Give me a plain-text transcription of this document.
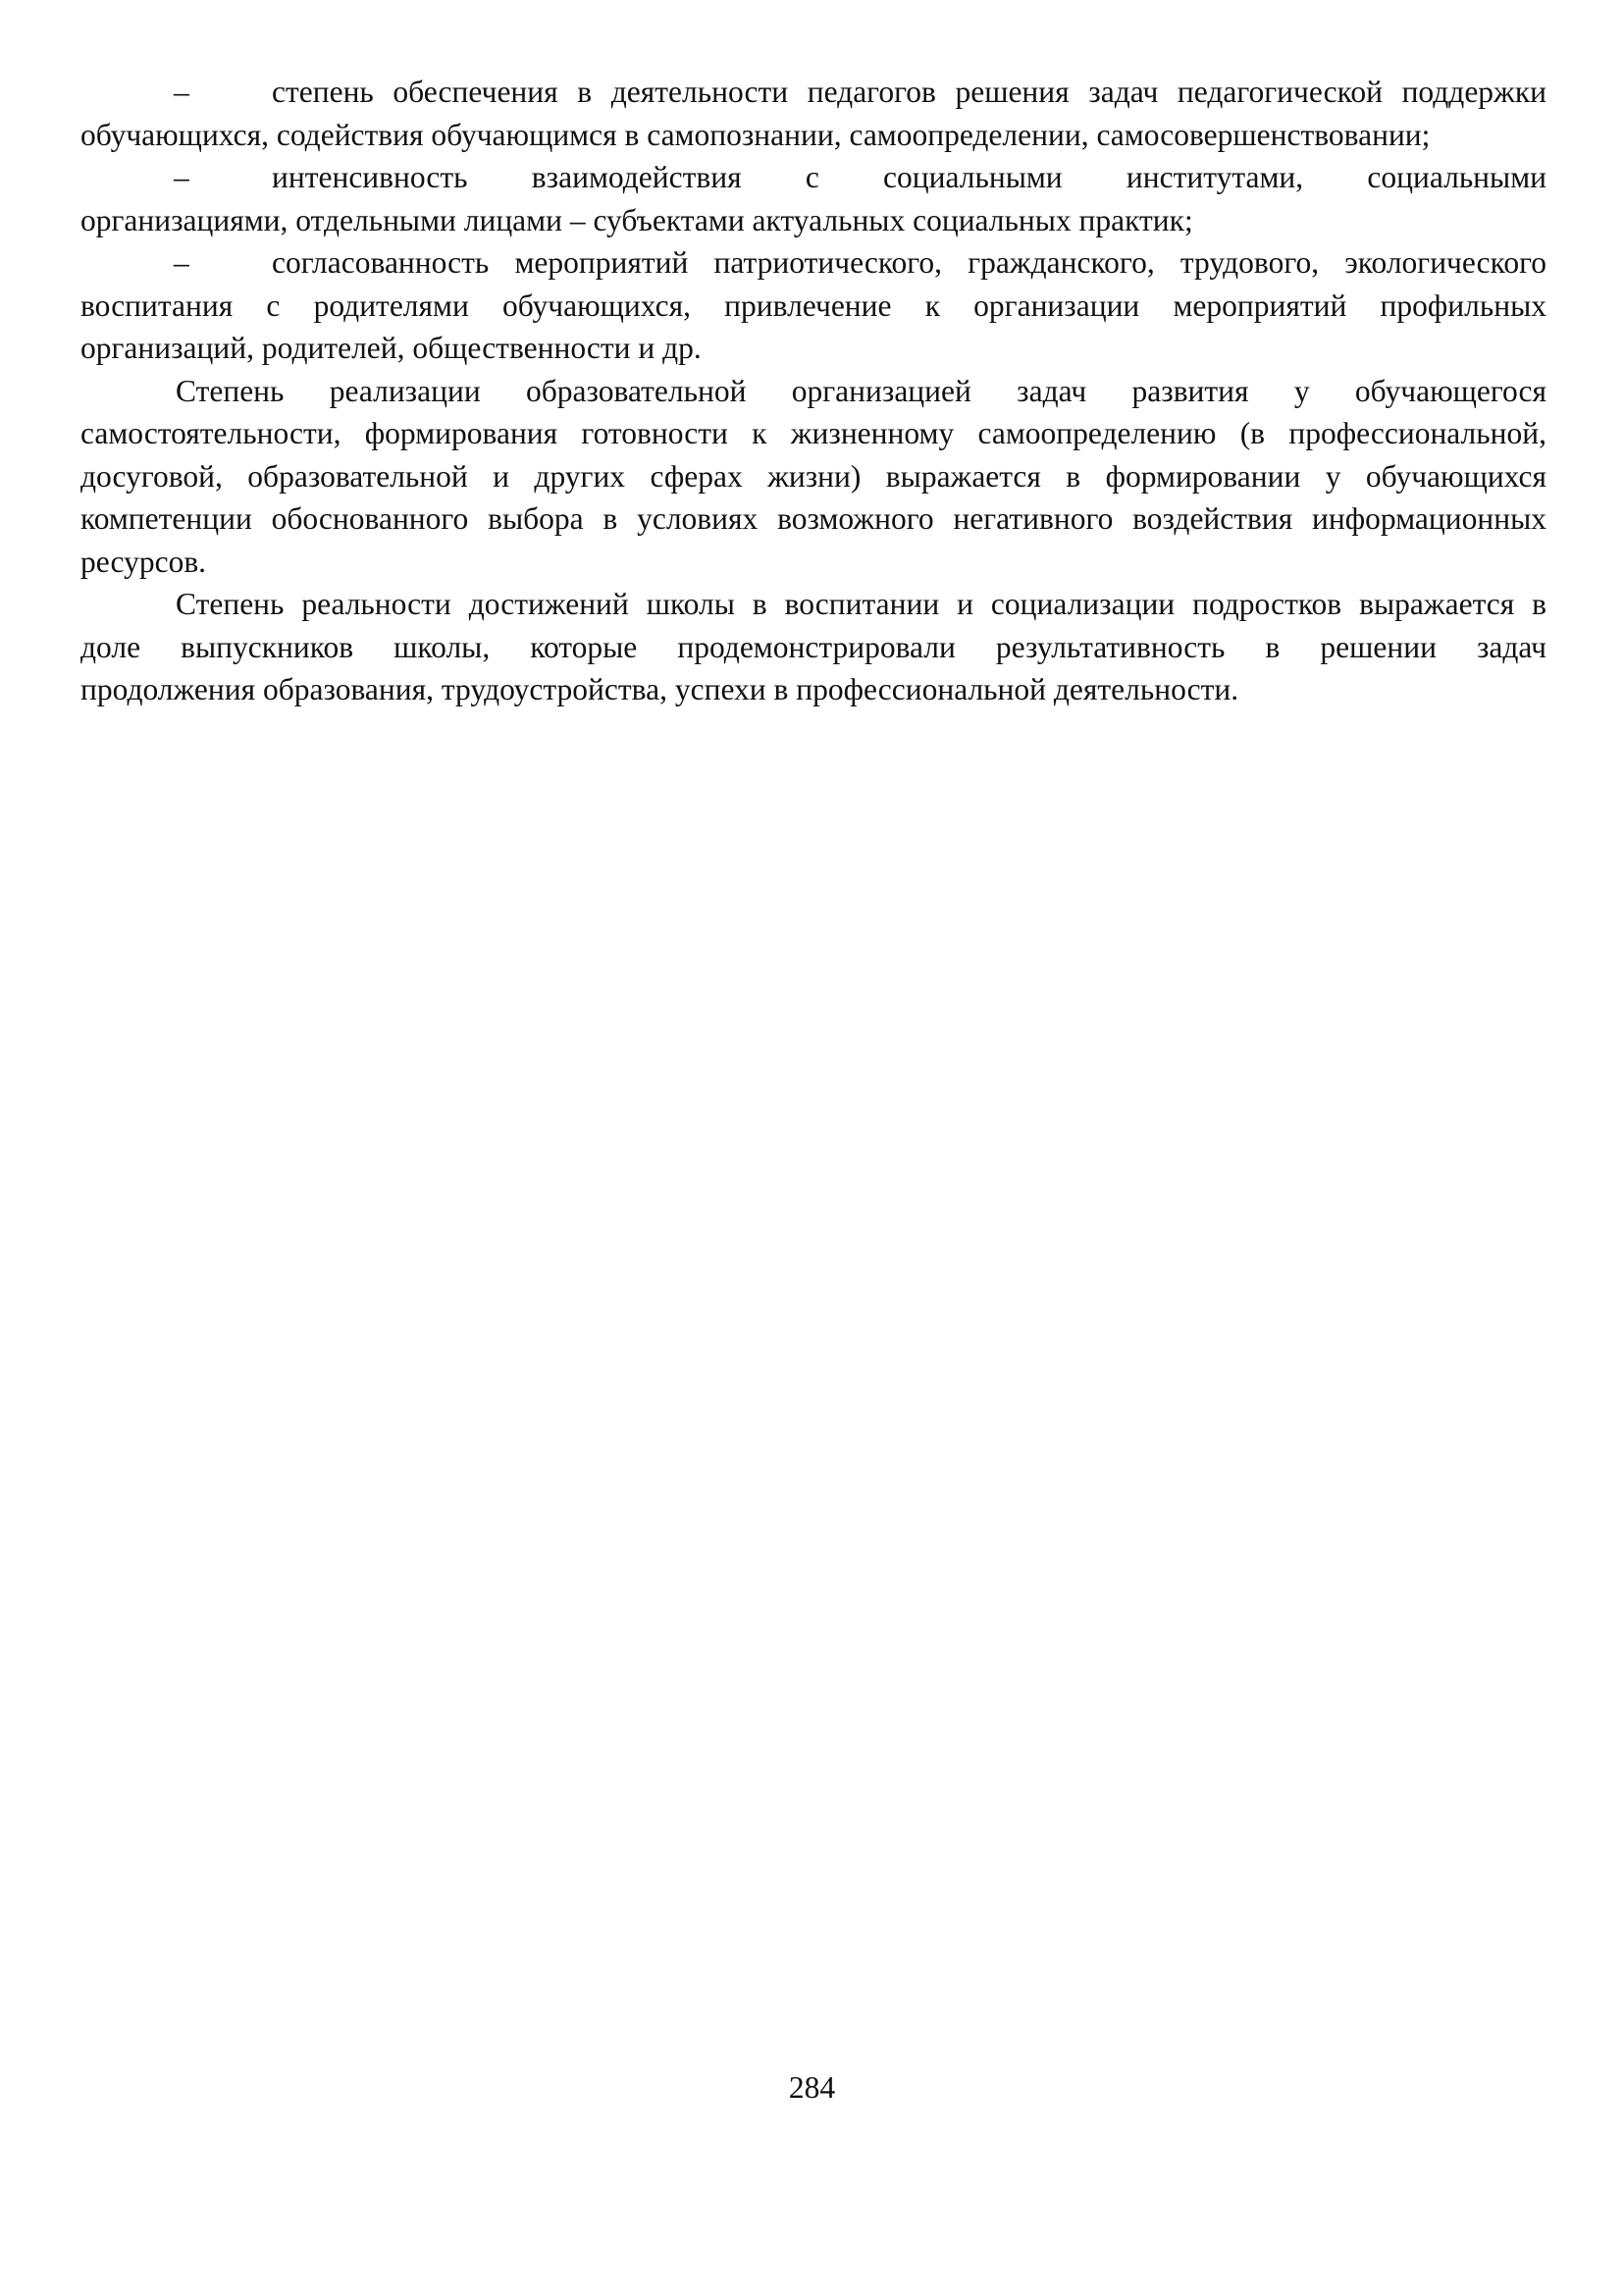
–	степень обеспечения в деятельности педагогов решения задач педагогической поддержки
обучающихся, содействия обучающимся в самопознании, самоопределении, самосовершенствовании;
–	интенсивность взаимодействия с социальными институтами, социальными
организациями, отдельными лицами – субъектами актуальных социальных практик;
–	согласованность мероприятий патриотического, гражданского, трудового, экологического
воспитания с родителями обучающихся, привлечение к организации мероприятий профильных
организаций, родителей, общественности и др.
Степень реализации образовательной организацией задач развития у обучающегося
самостоятельности, формирования готовности к жизненному самоопределению (в профессиональной,
досуговой, образовательной и других сферах жизни) выражается в формировании у обучающихся
компетенции обоснованного выбора в условиях возможного негативного воздействия информационных
ресурсов.
Степень реальности достижений школы в воспитании и социализации подростков выражается в
доле выпускников школы, которые продемонстрировали результативность в решении задач
продолжения образования, трудоустройства, успехи в профессиональной деятельности.
284
